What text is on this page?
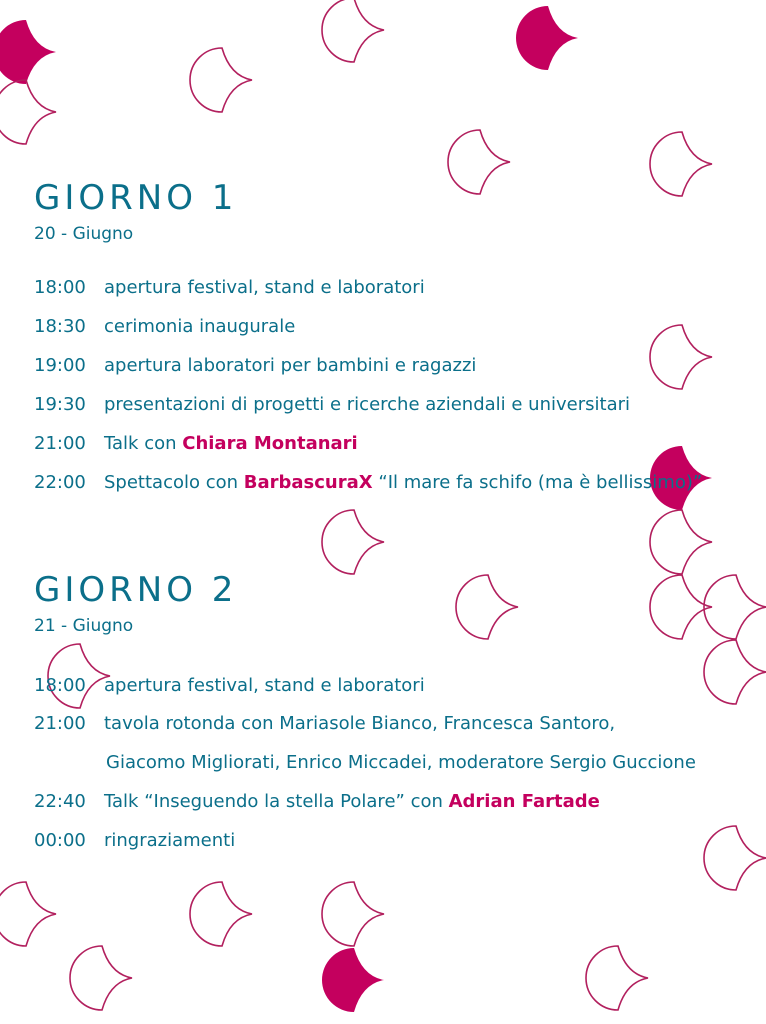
GIORNO 1
20 - Giugno
18:00 apertura festival, stand e laboratori
18:30 cerimonia inaugurale
19:00 apertura laboratori per bambini e ragazzi
19:30 presentazioni di progetti e ricerche aziendali e universitari
21:00 Talk con Chiara Montanari
22:00 Spettacolo con BarbascuraX “Il mare fa schifo (ma è bellissimo)”
GIORNO 2
21 - Giugno
18:00 apertura festival, stand e laboratori
21:00 tavola rotonda con Mariasole Bianco, Francesca Santoro,
Giacomo Migliorati, Enrico Miccadei, moderatore Sergio Guccione
22:40 Talk “Inseguendo la stella Polare” con Adrian Fartade
00:00 ringraziamenti
